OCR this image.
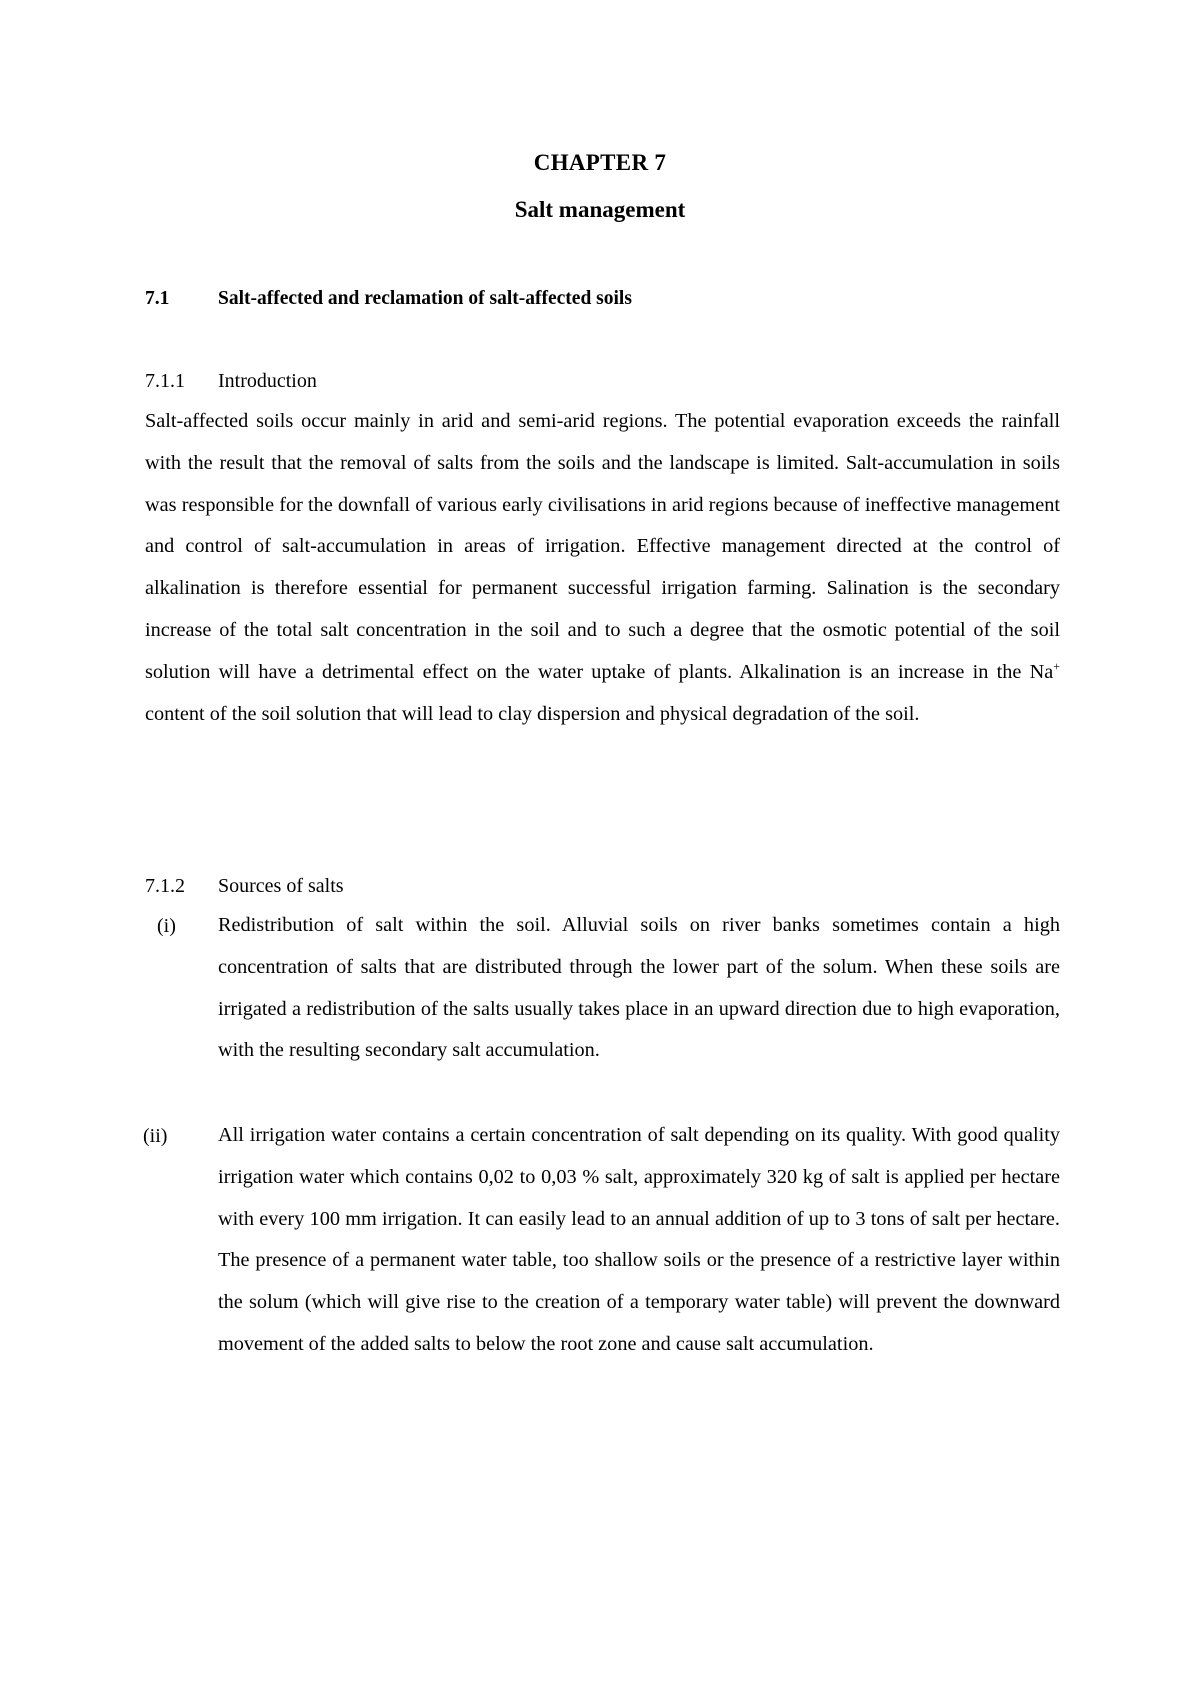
CHAPTER 7
Salt management
7.1 Salt-affected and reclamation of salt-affected soils
7.1.1 Introduction
Salt-affected soils occur mainly in arid and semi-arid regions. The potential evaporation exceeds the rainfall with the result that the removal of salts from the soils and the landscape is limited. Salt-accumulation in soils was responsible for the downfall of various early civilisations in arid regions because of ineffective management and control of salt-accumulation in areas of irrigation. Effective management directed at the control of alkalination is therefore essential for permanent successful irrigation farming. Salination is the secondary increase of the total salt concentration in the soil and to such a degree that the osmotic potential of the soil solution will have a detrimental effect on the water uptake of plants. Alkalination is an increase in the Na+ content of the soil solution that will lead to clay dispersion and physical degradation of the soil.
7.1.2 Sources of salts
(i) Redistribution of salt within the soil. Alluvial soils on river banks sometimes contain a high concentration of salts that are distributed through the lower part of the solum. When these soils are irrigated a redistribution of the salts usually takes place in an upward direction due to high evaporation, with the resulting secondary salt accumulation.
(ii) All irrigation water contains a certain concentration of salt depending on its quality. With good quality irrigation water which contains 0,02 to 0,03 % salt, approximately 320 kg of salt is applied per hectare with every 100 mm irrigation. It can easily lead to an annual addition of up to 3 tons of salt per hectare. The presence of a permanent water table, too shallow soils or the presence of a restrictive layer within the solum (which will give rise to the creation of a temporary water table) will prevent the downward movement of the added salts to below the root zone and cause salt accumulation.
